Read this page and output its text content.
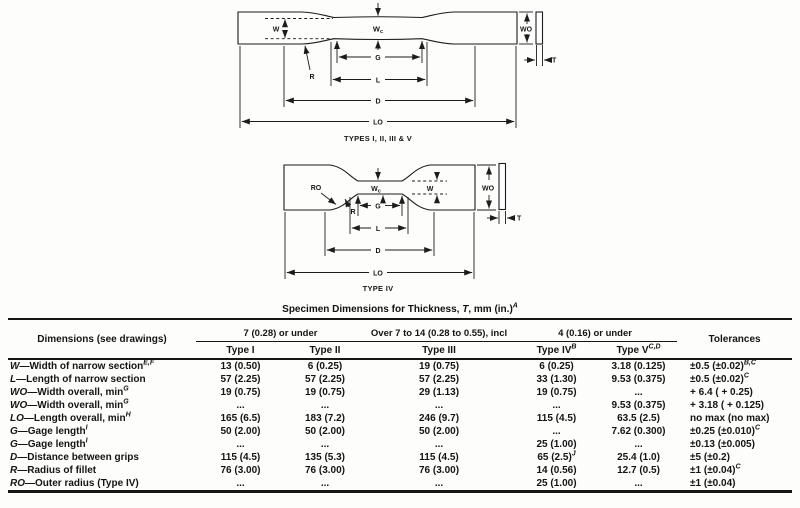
W	$W_c$
R
G
L
D
LO
WO
T
TYPES I, II, III & V
RO
R
Wc	W
G
L
D
LO
WO
T
TYPE IV
Specimen Dimensions for Thickness, T, mm $(in.)^A$
Dimensions (see drawings)	7 (0.28) or under		Over 7 to 14 (0.28 to 0.55), incl	4 (0.16) or under		Tolerances
	Type I	Type II	Type III	Type $IV^B$	Type $V^{C,D}$
W—Width of narrow section$^{E,F}$	13 (0.50)	6 (0.25)	19 (0.75)	6 (0.25)	3.18 (0.125)	±0.5 $(\pm 0.02)^{B,C}$
L—Length of narrow section	57 (2.25)	57 (2.25)	57 (2.25)	33 (1.30)	9.53 (0.375)	±0.5 $(\pm 0.02)^C$
WO—Width overall, $\min^G$	19 (0.75)	19 (0.75)	29 (1.13)	19 (0.75)	...	+ 6.4 ( + 0.25)
WO—Width overall, $\min^G$	...	...	...	...	9.53 (0.375)	+ 3.18 ( + 0.125)
LO—Length overall, $\min^H$	165 (6.5)	183 (7.2)	246 (9.7)	115 (4.5)	63.5 (2.5)	no max (no max)
G—Gage length$^I$	50 (2.00)	50 (2.00)	50 (2.00)	...	7.62 (0.300)	±0.25 $(\pm 0.010)^C$
G—Gage length$^I$	...	...	...	25 (1.00)	...	±0.13 (±0.005)
D—Distance between grips	115 (4.5)	135 (5.3)	115 (4.5)	65 $(2.5)^J$	25.4 (1.0)	±5 (±0.2)
R—Radius of fillet	76 (3.00)	76 (3.00)	76 (3.00)	14 (0.56)	12.7 (0.5)	±1 $(\pm 0.04)^C$
RO—Outer radius (Type IV)	...	...	...	25 (1.00)	...	±1 (±0.04)
